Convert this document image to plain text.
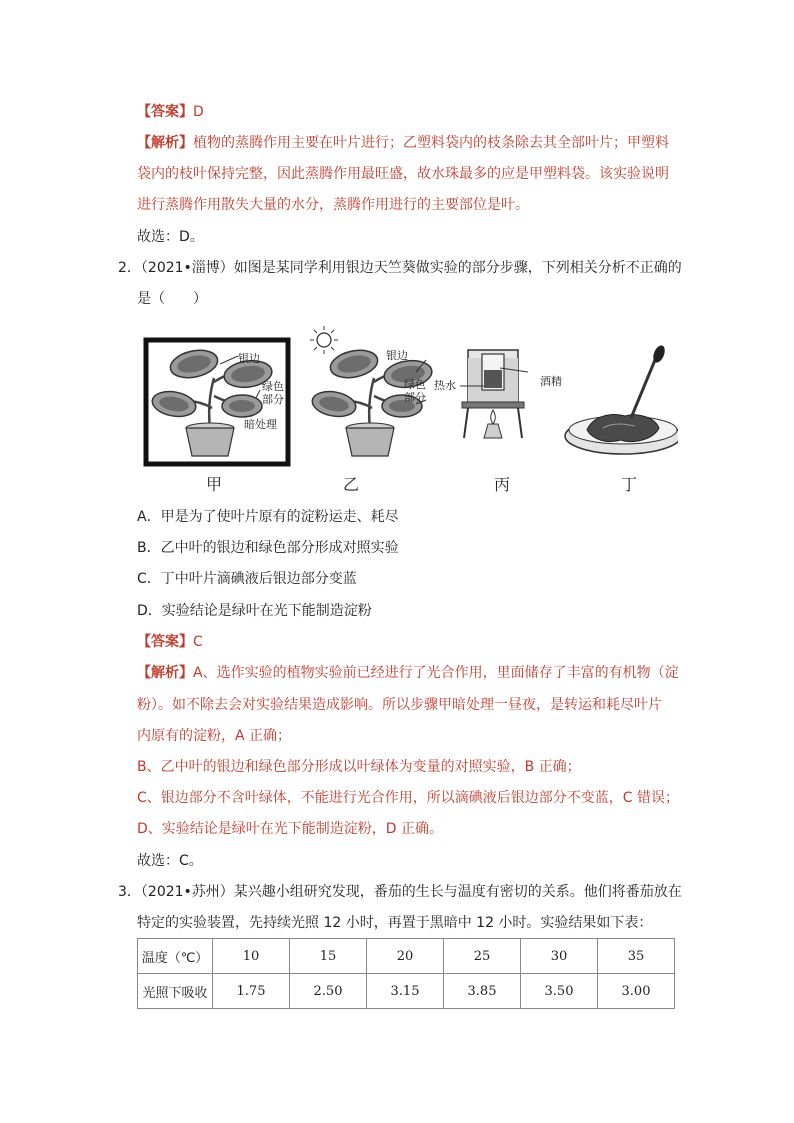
【答案】D
【解析】植物的蒸腾作用主要在叶片进行；乙塑料袋内的枝条除去其全部叶片；甲塑料
袋内的枝叶保持完整，因此蒸腾作用最旺盛，故水珠最多的应是甲塑料袋。该实验说明
进行蒸腾作用散失大量的水分，蒸腾作用进行的主要部位是叶。
故选：D。
2．（2021•淄博）如图是某同学利用银边天竺葵做实验的部分步骤，下列相关分析不正确的
是（　　）
银边
绿色
部分
暗处理
银边
绿色
部分
热水	酒精
甲	乙	丙	丁
A．甲是为了使叶片原有的淀粉运走、耗尽
B．乙中叶的银边和绿色部分形成对照实验
C．丁中叶片滴碘液后银边部分变蓝
D．实验结论是绿叶在光下能制造淀粉
【答案】C
【解析】A、选作实验的植物实验前已经进行了光合作用，里面储存了丰富的有机物（淀
粉）。如不除去会对实验结果造成影响。所以步骤甲暗处理一昼夜，是转运和耗尽叶片
内原有的淀粉，A 正确；
B、乙中叶的银边和绿色部分形成以叶绿体为变量的对照实验，B 正确；
C、银边部分不含叶绿体，不能进行光合作用，所以滴碘液后银边部分不变蓝，C 错误；
D、实验结论是绿叶在光下能制造淀粉，D 正确。
故选：C。
3．（2021•苏州）某兴趣小组研究发现，番茄的生长与温度有密切的关系。他们将番茄放在
特定的实验装置，先持续光照 12 小时，再置于黑暗中 12 小时。实验结果如下表：
温度（℃）	10	15	20	25	30	35
光照下吸收	1.75	2.50	3.15	3.85	3.50	3.00
